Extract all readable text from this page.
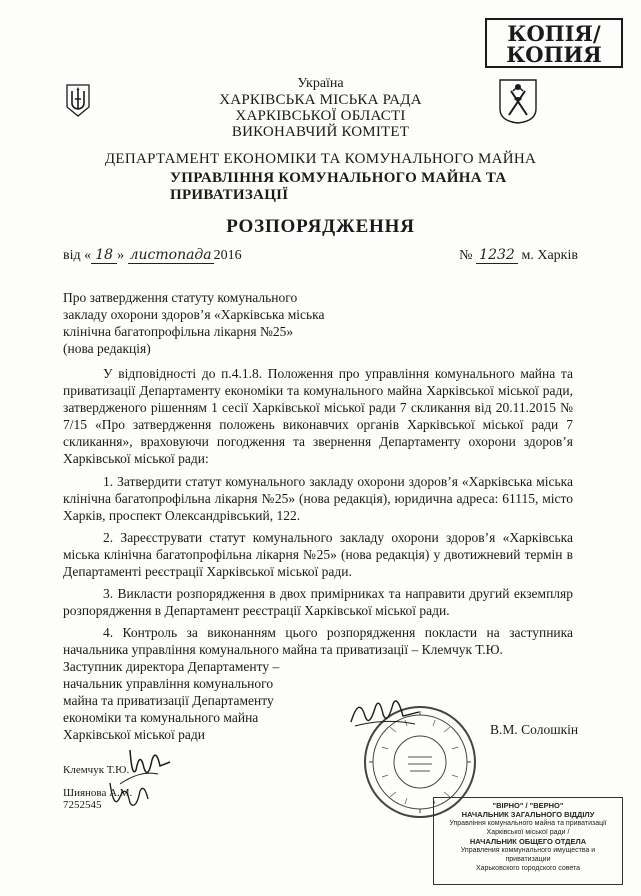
КОПІЯ/
КОПИЯ
Україна
ХАРКІВСЬКА МІСЬКА РАДА
ХАРКІВСЬКОЇ ОБЛАСТІ
ВИКОНАВЧИЙ КОМІТЕТ
ДЕПАРТАМЕНТ ЕКОНОМІКИ ТА КОМУНАЛЬНОГО МАЙНА
УПРАВЛІННЯ КОМУНАЛЬНОГО МАЙНА ТА
ПРИВАТИЗАЦІЇ
РОЗПОРЯДЖЕННЯ
від « 18 » листопада 2016	№ 1232 м. Харків
Про затвердження статуту комунального
закладу охорони здоров’я «Харківська міська
клінічна багатопрофільна лікарня №25»
(нова редакція)

У відповідності до п.4.1.8. Положення про управління комунального майна та приватизації Департаменту економіки та комунального майна Харківської міської ради, затвердженого рішенням 1 сесії Харківської міської ради 7 скликання від 20.11.2015 № 7/15 «Про затвердження положень виконавчих органів Харківської міської ради 7 скликання», враховуючи погодження та звернення Департаменту охорони здоров’я Харківської міської ради:

1. Затвердити статут комунального закладу охорони здоров’я «Харківська міська клінічна багатопрофільна лікарня №25» (нова редакція), юридична адреса: 61115, місто Харків, проспект Олександрівський, 122.

2. Зареєструвати статут комунального закладу охорони здоров’я «Харківська міська клінічна багатопрофільна лікарня №25» (нова редакція) у двотижневий термін в Департаменті реєстрації Харківської міської ради.

3. Викласти розпорядження в двох примірниках та направити другий екземпляр розпорядження в Департамент реєстрації Харківської міської ради.

4. Контроль за виконанням цього розпорядження покласти на заступника начальника управління комунального майна та приватизації – Клемчук Т.Ю.

Заступник директора Департаменту –
начальник управління комунального
майна та приватизації Департаменту
економіки та комунального майна
Харківської міської ради	В.М. Солошкін
Клемчук Т.Ю.
Шиянова А.М.
7252545	"ВІРНО" / "ВЕРНО"
НАЧАЛЬНИК ЗАГАЛЬНОГО ВІДДІЛУ
Управління комунального майна та приватизації
Харківської міської ради /
НАЧАЛЬНИК ОБЩЕГО ОТДЕЛА
Управления коммунального имущества и приватизации
Харьковского городского совета
